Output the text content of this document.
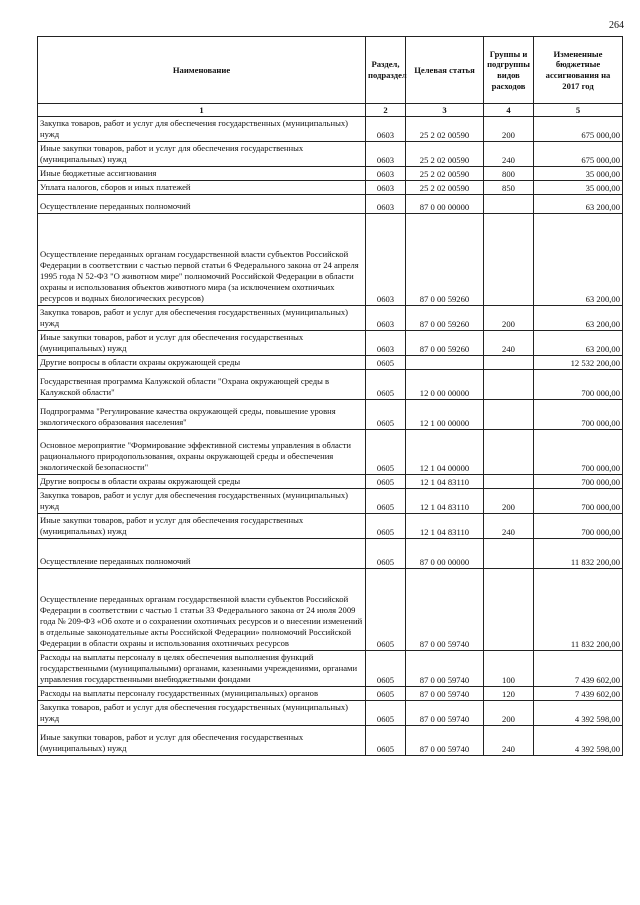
264
Наименование	Раздел, подраздел	Целевая статья	Группы и подгруппы видов расходов	Измененные бюджетные ассигнования на 2017 год
1	2	3	4	5
Закупка товаров, работ и услуг для обеспечения государственных (муниципальных) нужд	0603	25 2 02 00590	200	675 000,00
Иные закупки товаров, работ и услуг для обеспечения государственных (муниципальных) нужд	0603	25 2 02 00590	240	675 000,00
Иные бюджетные ассигнования	0603	25 2 02 00590	800	35 000,00
Уплата налогов, сборов и иных платежей	0603	25 2 02 00590	850	35 000,00
Осуществление переданных полномочий	0603	87 0 00 00000		63 200,00
Осуществление переданных органам государственной власти субъектов Российской Федерации в соответствии с частью первой статьи 6 Федерального закона от 24 апреля 1995 года N 52-ФЗ "О животном мире" полномочий Российской Федерации в области охраны и использования объектов животного мира (за исключением охотничьих ресурсов и водных биологических ресурсов)	0603	87 0 00 59260		63 200,00
Закупка товаров, работ и услуг для обеспечения государственных (муниципальных) нужд	0603	87 0 00 59260	200	63 200,00
Иные закупки товаров, работ и услуг для обеспечения государственных (муниципальных) нужд	0603	87 0 00 59260	240	63 200,00
Другие вопросы в области охраны окружающей среды	0605			12 532 200,00
Государственная программа Калужской области "Охрана окружающей среды в Калужской области"	0605	12 0 00 00000		700 000,00
Подпрограмма "Регулирование качества окружающей среды, повышение уровня экологического образования населения"	0605	12 1 00 00000		700 000,00
Основное мероприятие "Формирование эффективной системы управления в области рационального природопользования, охраны окружающей среды и обеспечения экологической безопасности"	0605	12 1 04 00000		700 000,00
Другие вопросы в области охраны окружающей среды	0605	12 1 04 83110		700 000,00
Закупка товаров, работ и услуг для обеспечения государственных (муниципальных) нужд	0605	12 1 04 83110	200	700 000,00
Иные закупки товаров, работ и услуг для обеспечения государственных (муниципальных) нужд	0605	12 1 04 83110	240	700 000,00
Осуществление переданных полномочий	0605	87 0 00 00000		11 832 200,00
Осуществление переданных органам государственной власти субъектов Российской Федерации в соответствии с частью 1 статьи 33 Федерального закона от 24 июля 2009 года № 209-ФЗ «Об охоте и о сохранении охотничьих ресурсов и о внесении изменений в отдельные законодательные акты Российской Федерации» полномочий Российской Федерации в области охраны и использования охотничьих ресурсов	0605	87 0 00 59740		11 832 200,00
Расходы на выплаты персоналу в целях обеспечения выполнения функций государственными (муниципальными) органами, казенными учреждениями, органами управления государственными внебюджетными фондами	0605	87 0 00 59740	100	7 439 602,00
Расходы на выплаты персоналу государственных (муниципальных) органов	0605	87 0 00 59740	120	7 439 602,00
Закупка товаров, работ и услуг для обеспечения государственных (муниципальных) нужд	0605	87 0 00 59740	200	4 392 598,00
Иные закупки товаров, работ и услуг для обеспечения государственных (муниципальных) нужд	0605	87 0 00 59740	240	4 392 598,00
